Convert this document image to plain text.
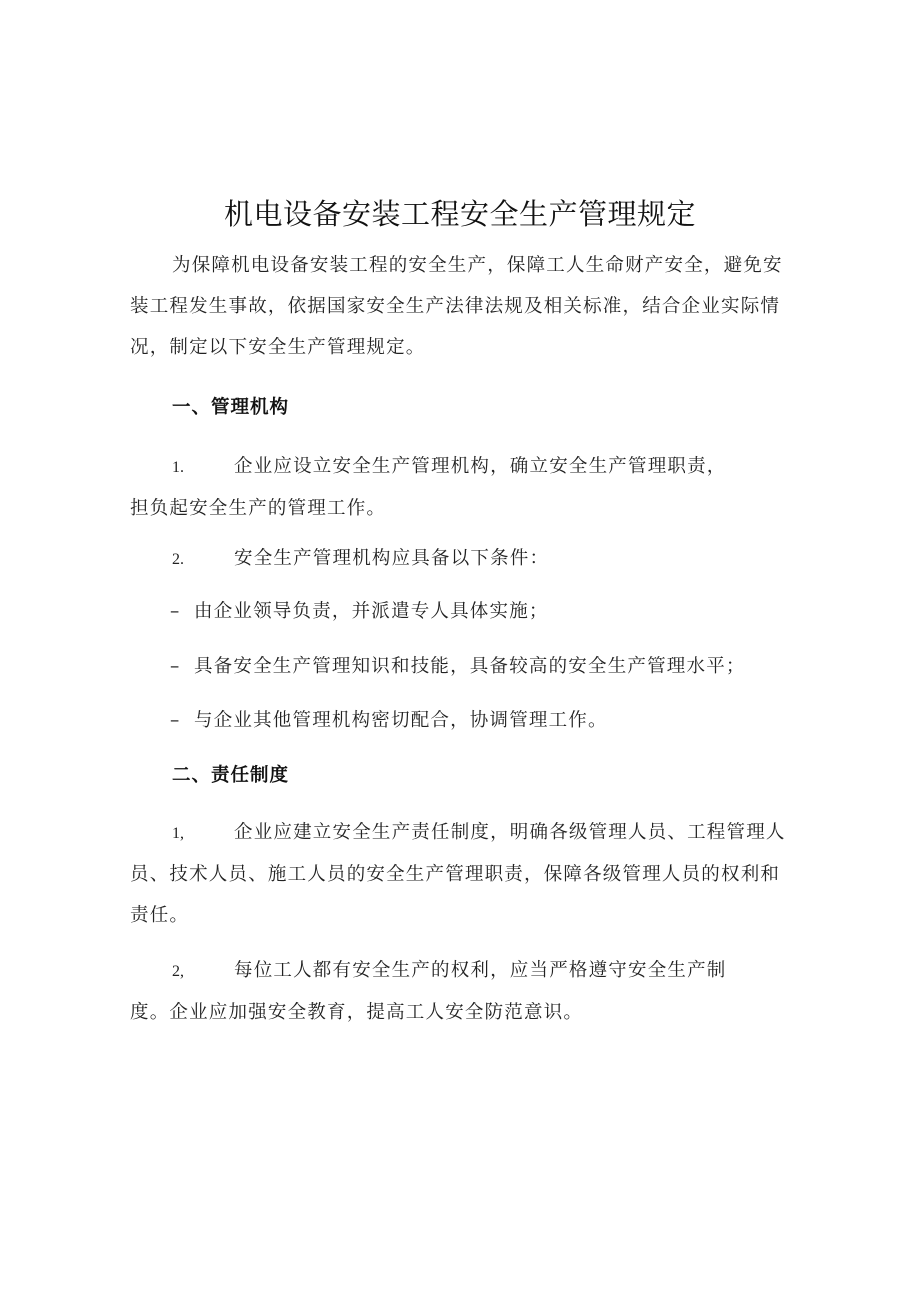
机电设备安装工程安全生产管理规定
为保障机电设备安装工程的安全生产，保障工人生命财产安全，避免安装工程发生事故，依据国家安全生产法律法规及相关标准，结合企业实际情况，制定以下安全生产管理规定。
一、管理机构
1.	企业应设立安全生产管理机构，确立安全生产管理职责，
担负起安全生产的管理工作。
2.	安全生产管理机构应具备以下条件：
– 由企业领导负责，并派遣专人具体实施；
– 具备安全生产管理知识和技能，具备较高的安全生产管理水平；
– 与企业其他管理机构密切配合，协调管理工作。
二、责任制度
1,	企业应建立安全生产责任制度，明确各级管理人员、工程管理人
员、技术人员、施工人员的安全生产管理职责，保障各级管理人员的权利和责任。
2,	每位工人都有安全生产的权利，应当严格遵守安全生产制
度。企业应加强安全教育，提高工人安全防范意识。
